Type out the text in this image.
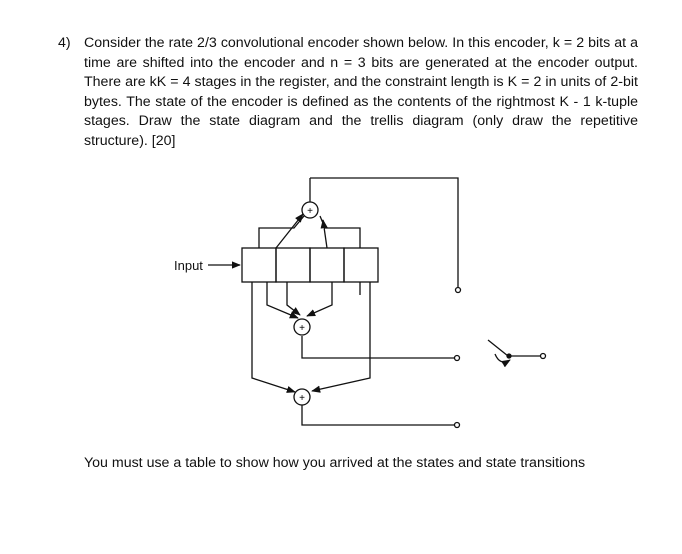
4) Consider the rate 2/3 convolutional encoder shown below. In this encoder, k = 2 bits at a time are shifted into the encoder and n = 3 bits are generated at the encoder output. There are kK = 4 stages in the register, and the constraint length is K = 2 in units of 2-bit bytes. The state of the encoder is defined as the contents of the rightmost K - 1 k-tuple stages. Draw the state diagram and the trellis diagram (only draw the repetitive structure). [20]
+
+
+
Input
You must use a table to show how you arrived at the states and state transitions
